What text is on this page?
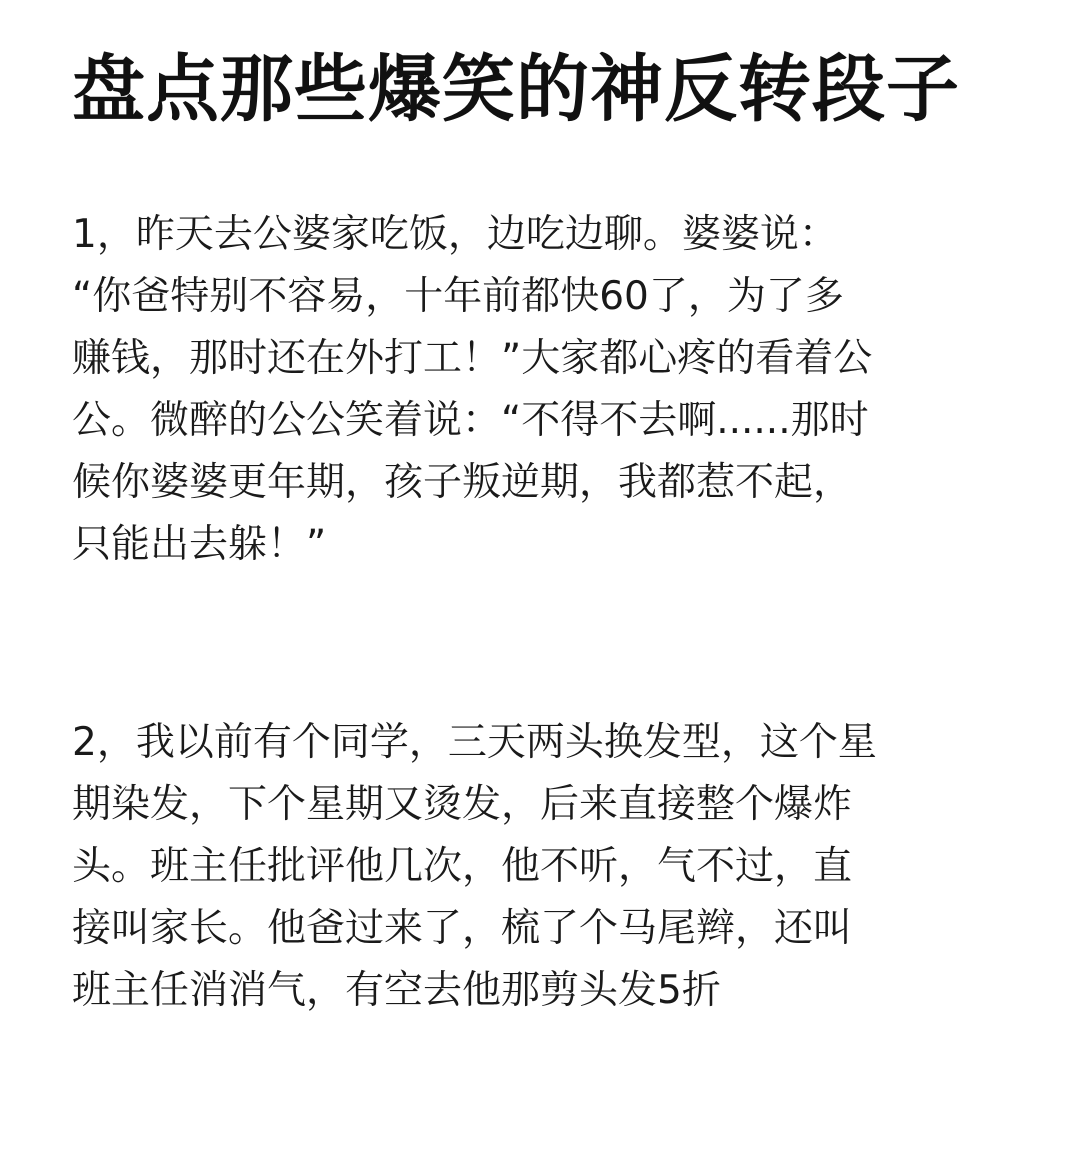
盘点那些爆笑的神反转段子

1，昨天去公婆家吃饭，边吃边聊。婆婆说：
“你爸特别不容易，十年前都快60了，为了多
赚钱，那时还在外打工！”大家都心疼的看着公
公。微醉的公公笑着说：“不得不去啊......那时
候你婆婆更年期，孩子叛逆期，我都惹不起，
只能出去躲！”

2，我以前有个同学，三天两头换发型，这个星
期染发，下个星期又烫发，后来直接整个爆炸
头。班主任批评他几次，他不听，气不过，直
接叫家长。他爸过来了，梳了个马尾辫，还叫
班主任消消气，有空去他那剪头发5折
